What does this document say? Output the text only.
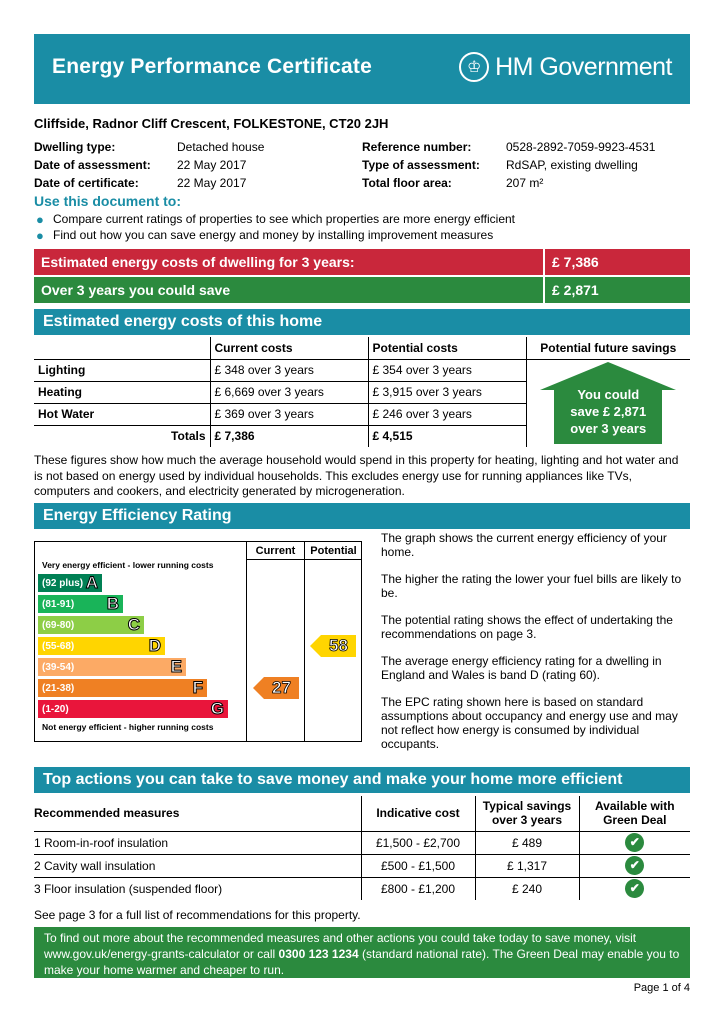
Energy Performance Certificate	♔ HM Government
Cliffside, Radnor Cliff Crescent, FOLKESTONE, CT20 2JH
Dwelling type:	Detached house
Date of assessment:	22 May 2017
Date of certificate:	22 May 2017
Reference number:	0528-2892-7059-9923-4531
Type of assessment:	RdSAP, existing dwelling
Total floor area:	207 m²
Use this document to:
● Compare current ratings of properties to see which properties are more energy efficient
● Find out how you can save energy and money by installing improvement measures
Estimated energy costs of dwelling for 3 years:	£ 7,386
Over 3 years you could save	£ 2,871
Estimated energy costs of this home
	Current costs	Potential costs	Potential future savings
Lighting	£ 348 over 3 years	£ 354 over 3 years	You could
save £ 2,871
over 3 years

Heating	£ 6,669 over 3 years	£ 3,915 over 3 years	
Hot Water	£ 369 over 3 years	£ 246 over 3 years	
Totals	£ 7,386	£ 4,515	
These figures show how much the average household would spend in this property for heating, lighting and hot water and is not based on energy used by individual households. This excludes energy use for running appliances like TVs, computers and cookers, and electricity generated by microgeneration.
Energy Efficiency Rating
Current	Potential
Very energy efficient - lower running costs
(92 plus) A
(81-91) B
(69-80)	C
(55-68)	D
(39-54)	E
(21-38)	F
(1-20)	G
27
58
Not energy efficient - higher running costs

The graph shows the current energy efficiency of your home.

The higher the rating the lower your fuel bills are likely to be.

The potential rating shows the effect of undertaking the recommendations on page 3.

The average energy efficiency rating for a dwelling in England and Wales is band D (rating 60).

The EPC rating shown here is based on standard assumptions about occupancy and energy use and may not reflect how energy is consumed by individual occupants.

Top actions you can take to save money and make your home more efficient
Recommended measures	Indicative cost	Typical savings over 3 years	Available with Green Deal
1 Room-in-roof insulation	£1,500 - £2,700	£ 489	✔
2 Cavity wall insulation	£500 - £1,500	£ 1,317	✔
3 Floor insulation (suspended floor)	£800 - £1,200	£ 240	✔
See page 3 for a full list of recommendations for this property.
To find out more about the recommended measures and other actions you could take today to save money, visit www.gov.uk/energy-grants-calculator or call 0300 123 1234 (standard national rate). The Green Deal may enable you to make your home warmer and cheaper to run.
Page 1 of 4
